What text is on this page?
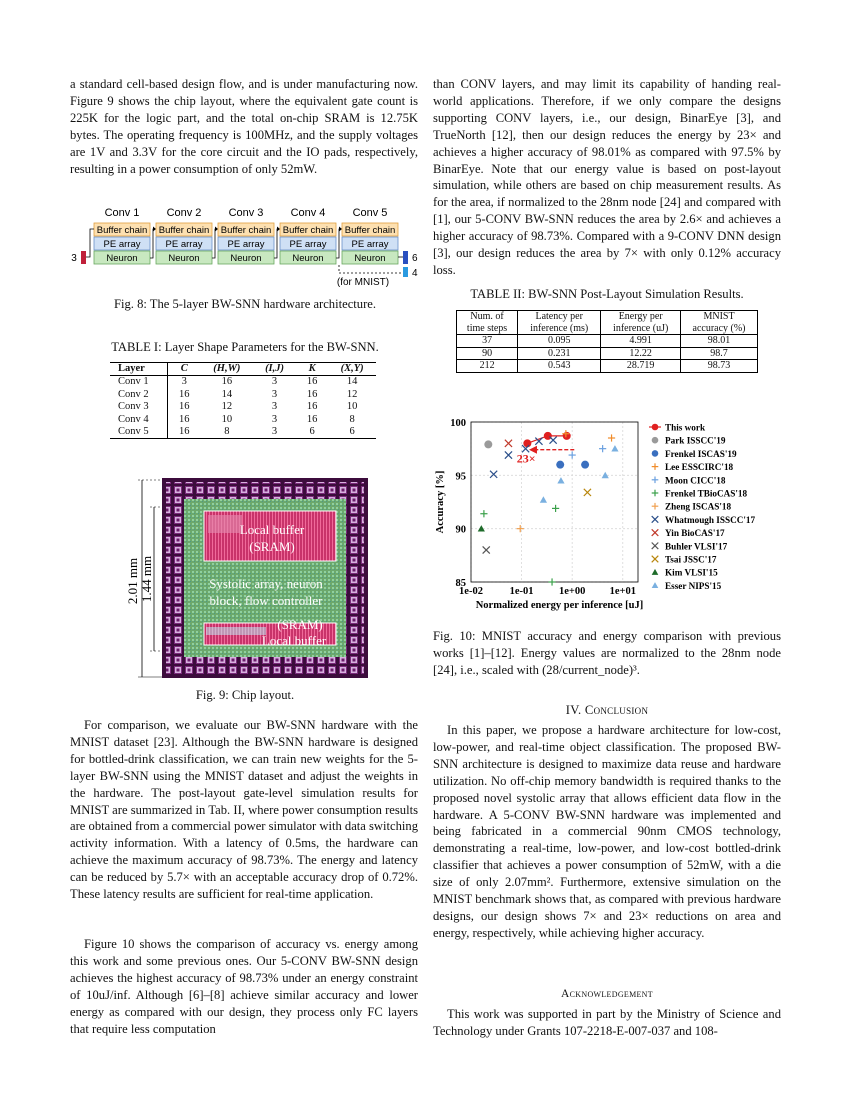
a standard cell-based design flow, and is under manufacturing now. Figure 9 shows the chip layout, where the equivalent gate count is 225K for the logic part, and the total on-chip SRAM is 12.75K bytes. The operating frequency is 100MHz, and the supply voltages are 1V and 3.3V for the core circuit and the IO pads, respectively, resulting in a power consumption of only 52mW.

Conv 1
Buffer chain
PE array
Neuron
Conv 2
Buffer chain
PE array
Neuron
Conv 3
Buffer chain
PE array
Neuron
Conv 4
Buffer chain
PE array
Neuron
Conv 5
Buffer chain
PE array
Neuron
3	6
4
(for MNIST)
Fig. 8: The 5-layer BW-SNN hardware architecture.
TABLE I: Layer Shape Parameters for the BW-SNN.
Layer	C	(H,W)	(I,J)	K	(X,Y)
Conv 1	3	16	3	16	14
Conv 2	16	14	3	16	12
Conv 3	16	12	3	16	10
Conv 4	16	10	3	16	8
Conv 5	16	8	3	6	6
2.01 mm 1.44 mm
Local buffer
(SRAM)
Systolic array, neuron
block, flow controller
(SRAM)
Local buffer
Fig. 9: Chip layout.

For comparison, we evaluate our BW-SNN hardware with the MNIST dataset [23]. Although the BW-SNN hardware is designed for bottled-drink classification, we can train new weights for the 5-layer BW-SNN using the MNIST dataset and adjust the weights in the hardware. The post-layout gate-level simulation results for MNIST are summarized in Tab. II, where power consumption results are obtained from a commercial power simulator with data switching activity information. With a latency of 0.5ms, the hardware can achieve the maximum accuracy of 98.73%. The energy and latency can be reduced by 5.7× with an acceptable accuracy drop of 0.72%. These latency results are sufficient for real-time application.

Figure 10 shows the comparison of accuracy vs. energy among this work and some previous ones. Our 5-CONV BW-SNN design achieves the highest accuracy of 98.73% under an energy constraint of 10uJ/inf. Although [6]–[8] achieve similar accuracy and lower energy as compared with our design, they process only FC layers that require less computation

than CONV layers, and may limit its capability of handing real-world applications. Therefore, if we only compare the designs supporting CONV layers, i.e., our design, BinarEye [3], and TrueNorth [12], then our design reduces the energy by 23× and achieves a higher accuracy of 98.01% as compared with 97.5% by BinarEye. Note that our energy value is based on post-layout simulation, while others are based on chip measurement results. As for the area, if normalized to the 28nm node [24] and compared with [1], our 5-CONV BW-SNN reduces the area by 2.6× and achieves a higher accuracy of 98.73%. Compared with a 9-CONV DNN design [3], our design reduces the area by 7× with only 0.12% accuracy loss.

TABLE II: BW-SNN Post-Layout Simulation Results.
Num. of
time steps	Latency per
inference (ms)	Energy per
inference (uJ)	MNIST
accuracy (%)
37	0.095	4.991	98.01
90	0.231	12.22	98.7
212	0.543	28.719	98.73
1e-02	1e-01 1e+00 1e+01
85
90
95
100
Normalized energy per inference [uJ]
Accuracy [%]
23×
This work
Park ISSCC'19
Frenkel ISCAS'19
Lee ESSCIRC'18
Moon CICC'18
Frenkel TBioCAS'18
Zheng ISCAS'18
Whatmough ISSCC'17
Yin BioCAS'17
Buhler VLSI'17
Tsai JSSC'17
Kim VLSI'15
Esser NIPS'15
Fig. 10: MNIST accuracy and energy comparison with previous works [1]–[12]. Energy values are normalized to the 28nm node [24], i.e., scaled with (28/current_node)³.
IV. Conclusion

In this paper, we propose a hardware architecture for low-cost, low-power, and real-time object classification. The proposed BW-SNN architecture is designed to maximize data reuse and hardware utilization. No off-chip memory bandwidth is required thanks to the proposed novel systolic array that allows efficient data flow in the hardware. A 5-CONV BW-SNN hardware was implemented and being fabricated in a commercial 90nm CMOS technology, demonstrating a real-time, low-power, and low-cost bottled-drink classifier that achieves a power consumption of 52mW, with a die size of only 2.07mm². Furthermore, extensive simulation on the MNIST benchmark shows that, as compared with previous hardware designs, our design shows 7× and 23× reductions on area and energy, respectively, while achieving higher accuracy.

Acknowledgement

This work was supported in part by the Ministry of Science and Technology under Grants 107-2218-E-007-037 and 108-
